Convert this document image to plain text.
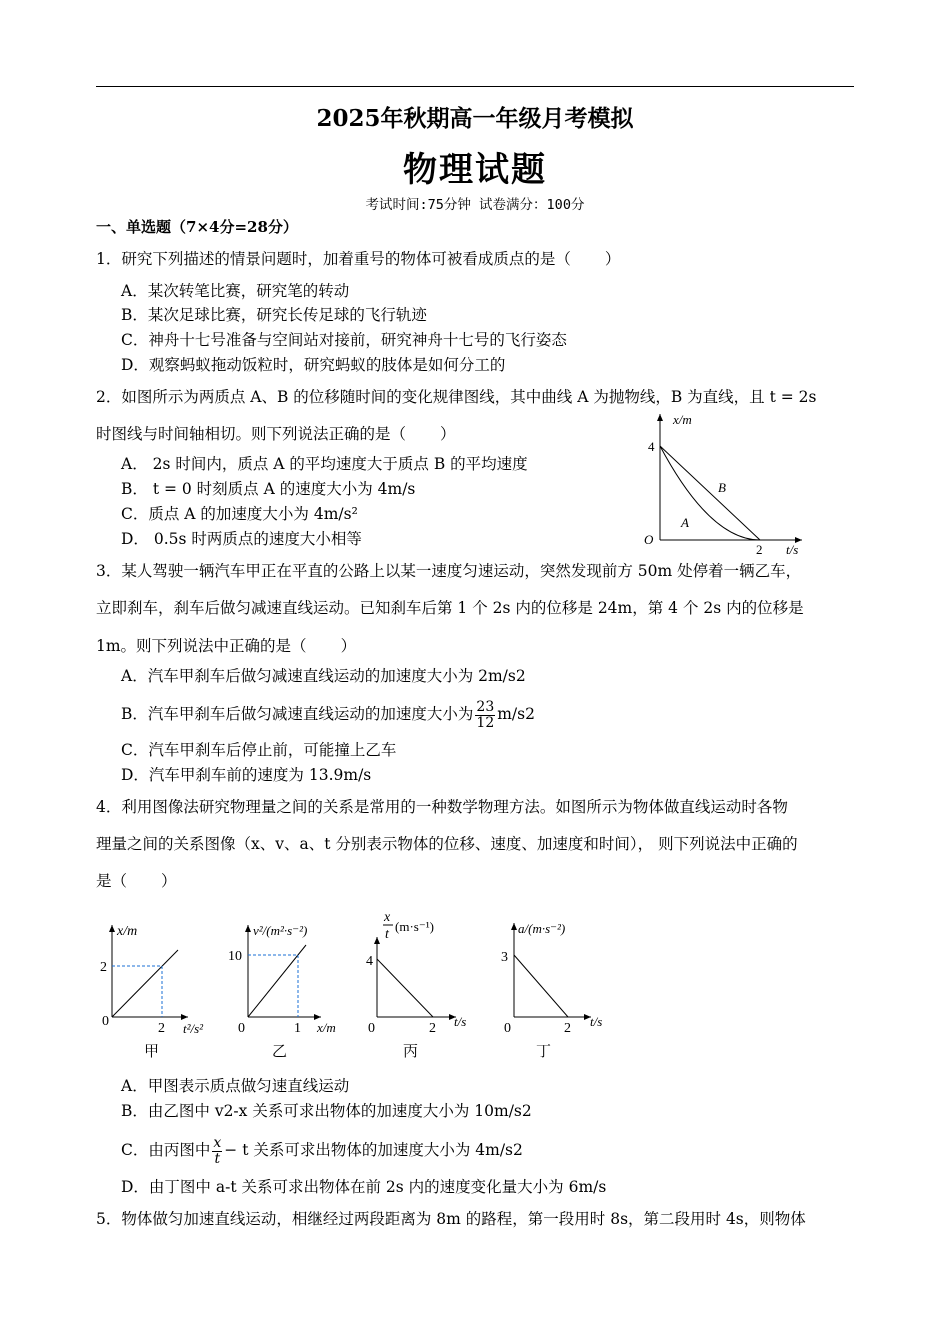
2025年秋期高一年级月考模拟
物理试题
考试时间:75分钟 试卷满分：100分
一、单选题（7×4分=28分）
1．研究下列描述的情景问题时，加着重号的物体可被看成质点的是（ ）
A．某次转笔比赛，研究笔的转动
B．某次足球比赛，研究长传足球的飞行轨迹
C．神舟十七号准备与空间站对接前，研究神舟十七号的飞行姿态
D．观察蚂蚁拖动饭粒时，研究蚂蚁的肢体是如何分工的
2．如图所示为两质点 A、B 的位移随时间的变化规律图线，其中曲线 A 为抛物线，B 为直线，且 t = 2s
时图线与时间轴相切。则下列说法正确的是（ ）
A． 2s 时间内，质点 A 的平均速度大于质点 B 的平均速度
B． t = 0 时刻质点 A 的速度大小为 4m/s
C．质点 A 的加速度大小为 4m/s²
D． 0.5s 时两质点的速度大小相等
x/m
t/s
O
4
2
B
A
3．某人驾驶一辆汽车甲正在平直的公路上以某一速度匀速运动，突然发现前方 50m 处停着一辆乙车，
立即刹车，刹车后做匀减速直线运动。已知刹车后第 1 个 2s 内的位移是 24m，第 4 个 2s 内的位移是
1m。则下列说法中正确的是（ ）
A．汽车甲刹车后做匀减速直线运动的加速度大小为 2m/s2
B．汽车甲刹车后做匀减速直线运动的加速度大小为 $\frac{23}{12} m/s2$
C．汽车甲刹车后停止前，可能撞上乙车
D．汽车甲刹车前的速度为 13.9m/s
4．利用图像法研究物理量之间的关系是常用的一种数学物理方法。如图所示为物体做直线运动时各物
理量之间的关系图像（x、v、a、t 分别表示物体的位移、速度、加速度和时间）， 则下列说法中正确的
是（ ）
x/m
t²/s²
0
2
2
甲
v²/(m²·s⁻²)
x/m
0
10
1
乙
x
t
(m·s⁻¹)
t/s
0
4
2
丙
a/(m·s⁻²)
t/s
0
3
2
丁
A．甲图表示质点做匀速直线运动
B．由乙图中 v2-x 关系可求出物体的加速度大小为 10m/s2
C．由丙图中 $\frac{x}{t} - t$ 关系可求出物体的加速度大小为 4m/s2
D．由丁图中 a-t 关系可求出物体在前 2s 内的速度变化量大小为 6m/s
5．物体做匀加速直线运动，相继经过两段距离为 8m 的路程，第一段用时 8s，第二段用时 4s，则物体
